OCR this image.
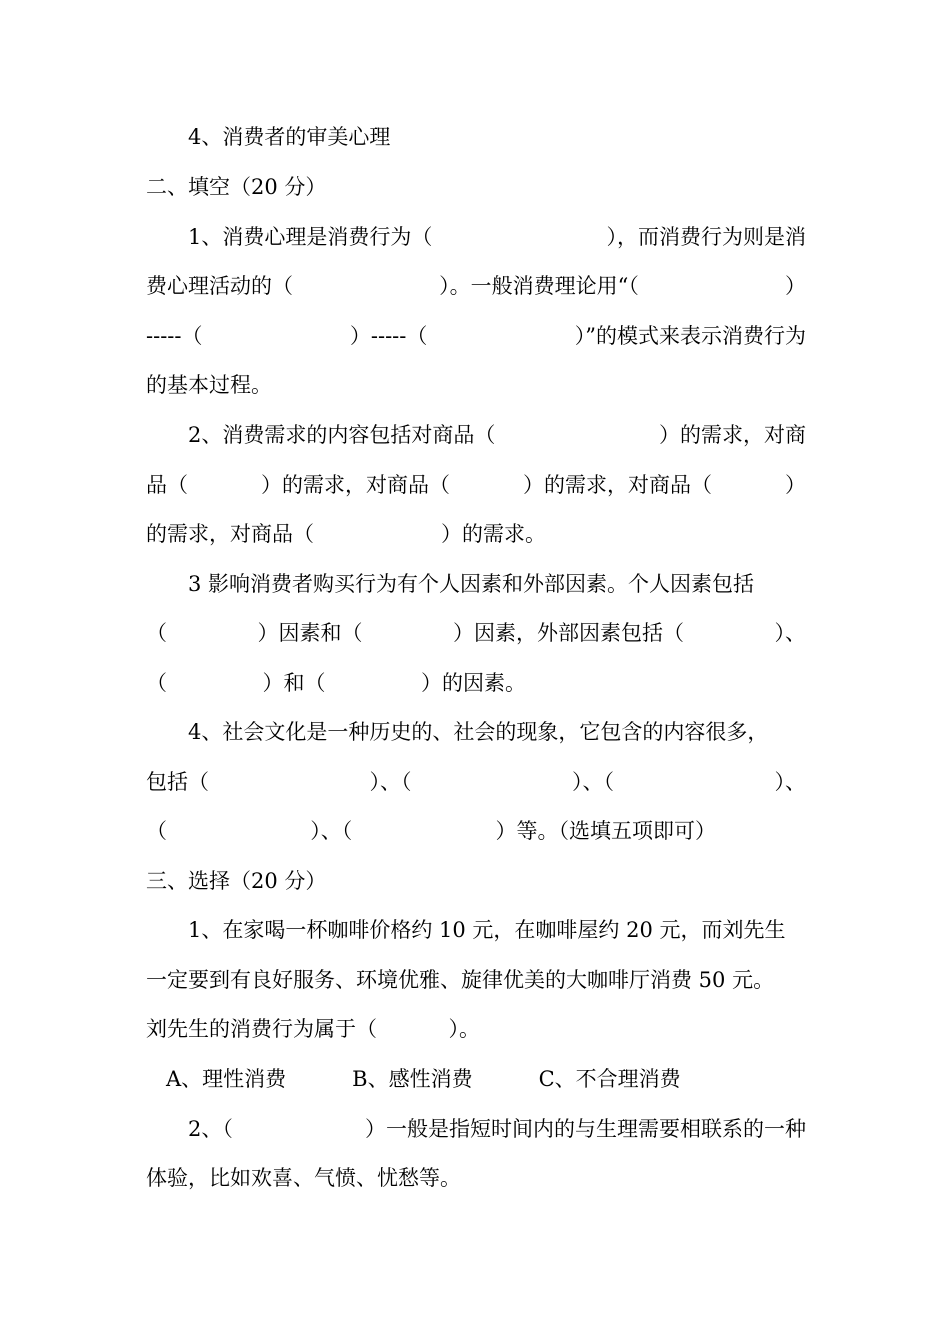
4、消费者的审美心理
二、填空（20 分）
1、消费心理是消费行为（	），而消费行为则是消
费心理活动的（	）。一般消费理论用“（	）
-----（	）-----（	）”的模式来表示消费行为
的基本过程。
2、消费需求的内容包括对商品（	）的需求，对商
品（	）的需求，对商品（	）的需求，对商品（	）
的需求，对商品（	）的需求。
3 影响消费者购买行为有个人因素和外部因素。个人因素包括
（	）因素和（	）因素，外部因素包括（	）、
（	）和（	）的因素。
4、社会文化是一种历史的、社会的现象，它包含的内容很多，
包括（	）、（	）、（	）、
（	）、（	）等。（选填五项即可）
三、选择（20 分）
1、在家喝一杯咖啡价格约 10 元，在咖啡屋约 20 元，而刘先生
一定要到有良好服务、环境优雅、旋律优美的大咖啡厅消费 50 元。
刘先生的消费行为属于（	）。
A、理性消费	B、感性消费	C、不合理消费
2、（	）一般是指短时间内的与生理需要相联系的一种
体验，比如欢喜、气愤、忧愁等。
